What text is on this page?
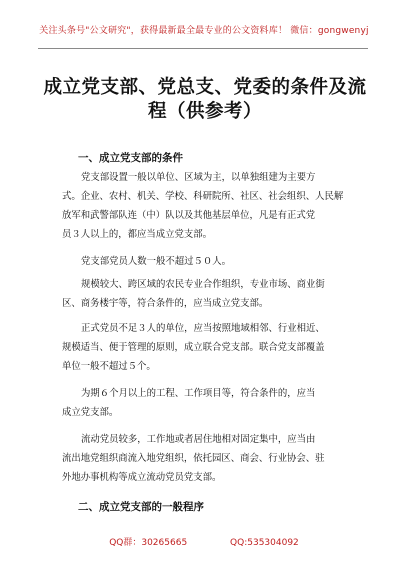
关注头条号"公文研究"，获得最新最全最专业的公文资料库！ 微信：gongwenyj
成立党支部、党总支、党委的条件及流
程（供参考）
一、成立党支部的条件
党支部设置一般以单位、区域为主，以单独组建为主要方
式。企业、农村、机关、学校、科研院所、社区、社会组织、人民解
放军和武警部队连（中）队以及其他基层单位，凡是有正式党
员３人以上的，都应当成立党支部。
党支部党员人数一般不超过５０人。
规模较大、跨区域的农民专业合作组织，专业市场、商业街
区、商务楼宇等，符合条件的，应当成立党支部。
正式党员不足３人的单位，应当按照地域相邻、行业相近、
规模适当、便于管理的原则，成立联合党支部。联合党支部覆盖
单位一般不超过５个。
为期６个月以上的工程、工作项目等，符合条件的，应当
成立党支部。
流动党员较多，工作地或者居住地相对固定集中，应当由
流出地党组织商流入地党组织，依托园区、商会、行业协会、驻
外地办事机构等成立流动党员党支部。
二、成立党支部的一般程序
QQ群：30265665	QQ:535304092
